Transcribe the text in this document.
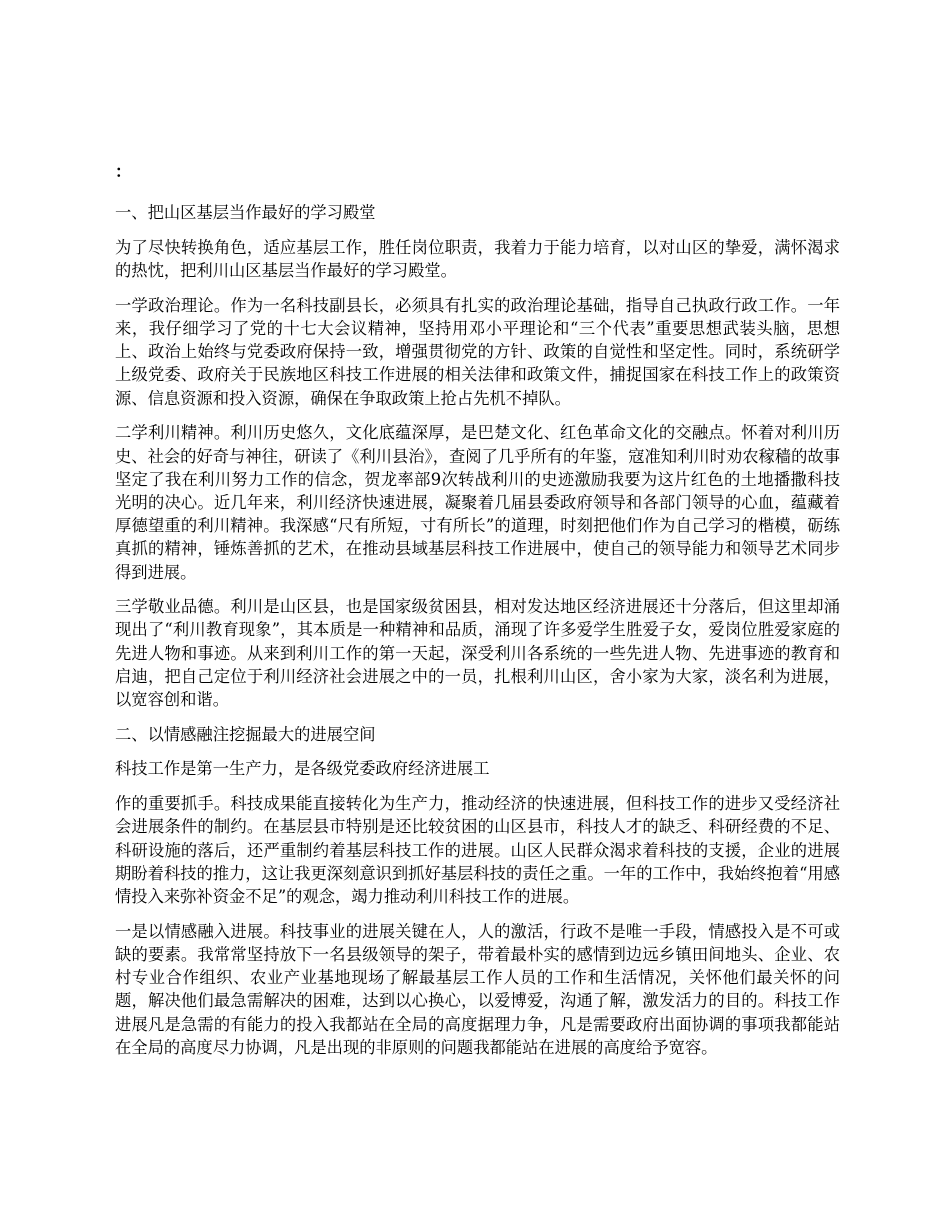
：

一、把山区基层当作最好的学习殿堂

为了尽快转换角色，适应基层工作，胜任岗位职责，我着力于能力培育，以对山区的挚爱，满怀渴求的热忱，把利川山区基层当作最好的学习殿堂。

一学政治理论。作为一名科技副县长，必须具有扎实的政治理论基础，指导自己执政行政工作。一年来，我仔细学习了党的十七大会议精神，坚持用邓小平理论和“三个代表”重要思想武装头脑，思想上、政治上始终与党委政府保持一致，增强贯彻党的方针、政策的自觉性和坚定性。同时，系统研学上级党委、政府关于民族地区科技工作进展的相关法律和政策文件，捕捉国家在科技工作上的政策资源、信息资源和投入资源，确保在争取政策上抢占先机不掉队。

二学利川精神。利川历史悠久，文化底蕴深厚，是巴楚文化、红色革命文化的交融点。怀着对利川历史、社会的好奇与神往，研读了《利川县治》，查阅了几乎所有的年鉴，寇准知利川时劝农稼穑的故事坚定了我在利川努力工作的信念，贺龙率部9次转战利川的史迹激励我要为这片红色的土地播撒科技光明的决心。近几年来，利川经济快速进展，凝聚着几届县委政府领导和各部门领导的心血，蕴藏着厚德望重的利川精神。我深感“尺有所短，寸有所长”的道理，时刻把他们作为自己学习的楷模，砺练真抓的精神，锤炼善抓的艺术，在推动县域基层科技工作进展中，使自己的领导能力和领导艺术同步得到进展。

三学敬业品德。利川是山区县，也是国家级贫困县，相对发达地区经济进展还十分落后，但这里却涌现出了“利川教育现象”，其本质是一种精神和品质，涌现了许多爱学生胜爱子女，爱岗位胜爱家庭的先进人物和事迹。从来到利川工作的第一天起，深受利川各系统的一些先进人物、先进事迹的教育和启迪，把自己定位于利川经济社会进展之中的一员，扎根利川山区，舍小家为大家，淡名利为进展，以宽容创和谐。

二、以情感融注挖掘最大的进展空间

科技工作是第一生产力，是各级党委政府经济进展工

作的重要抓手。科技成果能直接转化为生产力，推动经济的快速进展，但科技工作的进步又受经济社会进展条件的制约。在基层县市特别是还比较贫困的山区县市，科技人才的缺乏、科研经费的不足、科研设施的落后，还严重制约着基层科技工作的进展。山区人民群众渴求着科技的支援，企业的进展期盼着科技的推力，这让我更深刻意识到抓好基层科技的责任之重。一年的工作中，我始终抱着“用感情投入来弥补资金不足”的观念，竭力推动利川科技工作的进展。

一是以情感融入进展。科技事业的进展关键在人，人的激活，行政不是唯一手段，情感投入是不可或缺的要素。我常常坚持放下一名县级领导的架子，带着最朴实的感情到边远乡镇田间地头、企业、农村专业合作组织、农业产业基地现场了解最基层工作人员的工作和生活情况，关怀他们最关怀的问题，解决他们最急需解决的困难，达到以心换心，以爱博爱，沟通了解，激发活力的目的。科技工作进展凡是急需的有能力的投入我都站在全局的高度据理力争，凡是需要政府出面协调的事项我都能站在全局的高度尽力协调，凡是出现的非原则的问题我都能站在进展的高度给予宽容。
